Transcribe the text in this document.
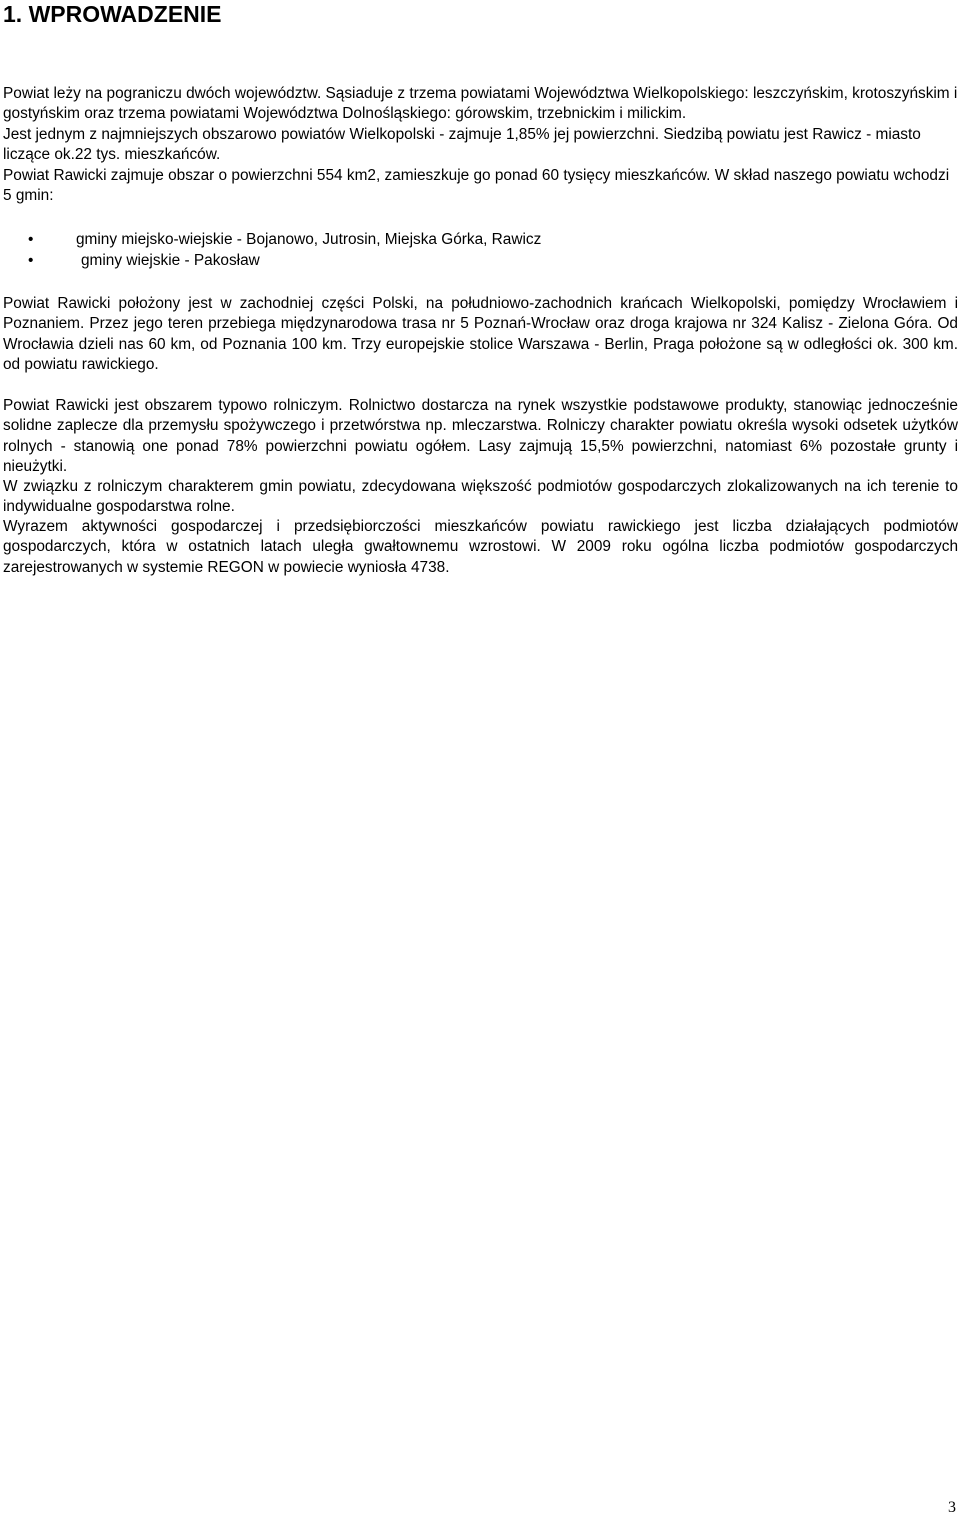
1. WPROWADZENIE

Powiat leży na pograniczu dwóch województw. Sąsiaduje z trzema powiatami Województwa Wielkopolskiego: leszczyńskim, krotoszyńskim i gostyńskim oraz trzema powiatami Województwa Dolnośląskiego: górowskim, trzebnickim i milickim.

Jest jednym z najmniejszych obszarowo powiatów Wielkopolski - zajmuje 1,85% jej powierzchni. Siedzibą powiatu jest Rawicz - miasto liczące ok.22 tys. mieszkańców.

Powiat Rawicki zajmuje obszar o powierzchni 554 km2, zamieszkuje go ponad 60 tysięcy mieszkańców. W skład naszego powiatu wchodzi 5 gmin:

•	gminy miejsko-wiejskie - Bojanowo, Jutrosin, Miejska Górka, Rawicz
•	gminy wiejskie - Pakosław

Powiat Rawicki położony jest w zachodniej części Polski, na południowo-zachodnich krańcach Wielkopolski, pomiędzy Wrocławiem i Poznaniem. Przez jego teren przebiega międzynarodowa trasa nr 5 Poznań-Wrocław oraz droga krajowa nr 324 Kalisz - Zielona Góra. Od Wrocławia dzieli nas 60 km, od Poznania 100 km. Trzy europejskie stolice Warszawa - Berlin, Praga położone są w odległości ok. 300 km. od powiatu rawickiego.

Powiat Rawicki jest obszarem typowo rolniczym. Rolnictwo dostarcza na rynek wszystkie podstawowe produkty, stanowiąc jednocześnie solidne zaplecze dla przemysłu spożywczego i przetwórstwa np. mleczarstwa. Rolniczy charakter powiatu określa wysoki odsetek użytków rolnych - stanowią one ponad 78% powierzchni powiatu ogółem. Lasy zajmują 15,5% powierzchni, natomiast 6% pozostałe grunty i nieużytki.

W związku z rolniczym charakterem gmin powiatu, zdecydowana większość podmiotów gospodarczych zlokalizowanych na ich terenie to indywidualne gospodarstwa rolne.

Wyrazem aktywności gospodarczej i przedsiębiorczości mieszkańców powiatu rawickiego jest liczba działających podmiotów gospodarczych, która w ostatnich latach uległa gwałtownemu wzrostowi. W 2009 roku ogólna liczba podmiotów gospodarczych zarejestrowanych w systemie REGON w powiecie wyniosła 4738.

3
